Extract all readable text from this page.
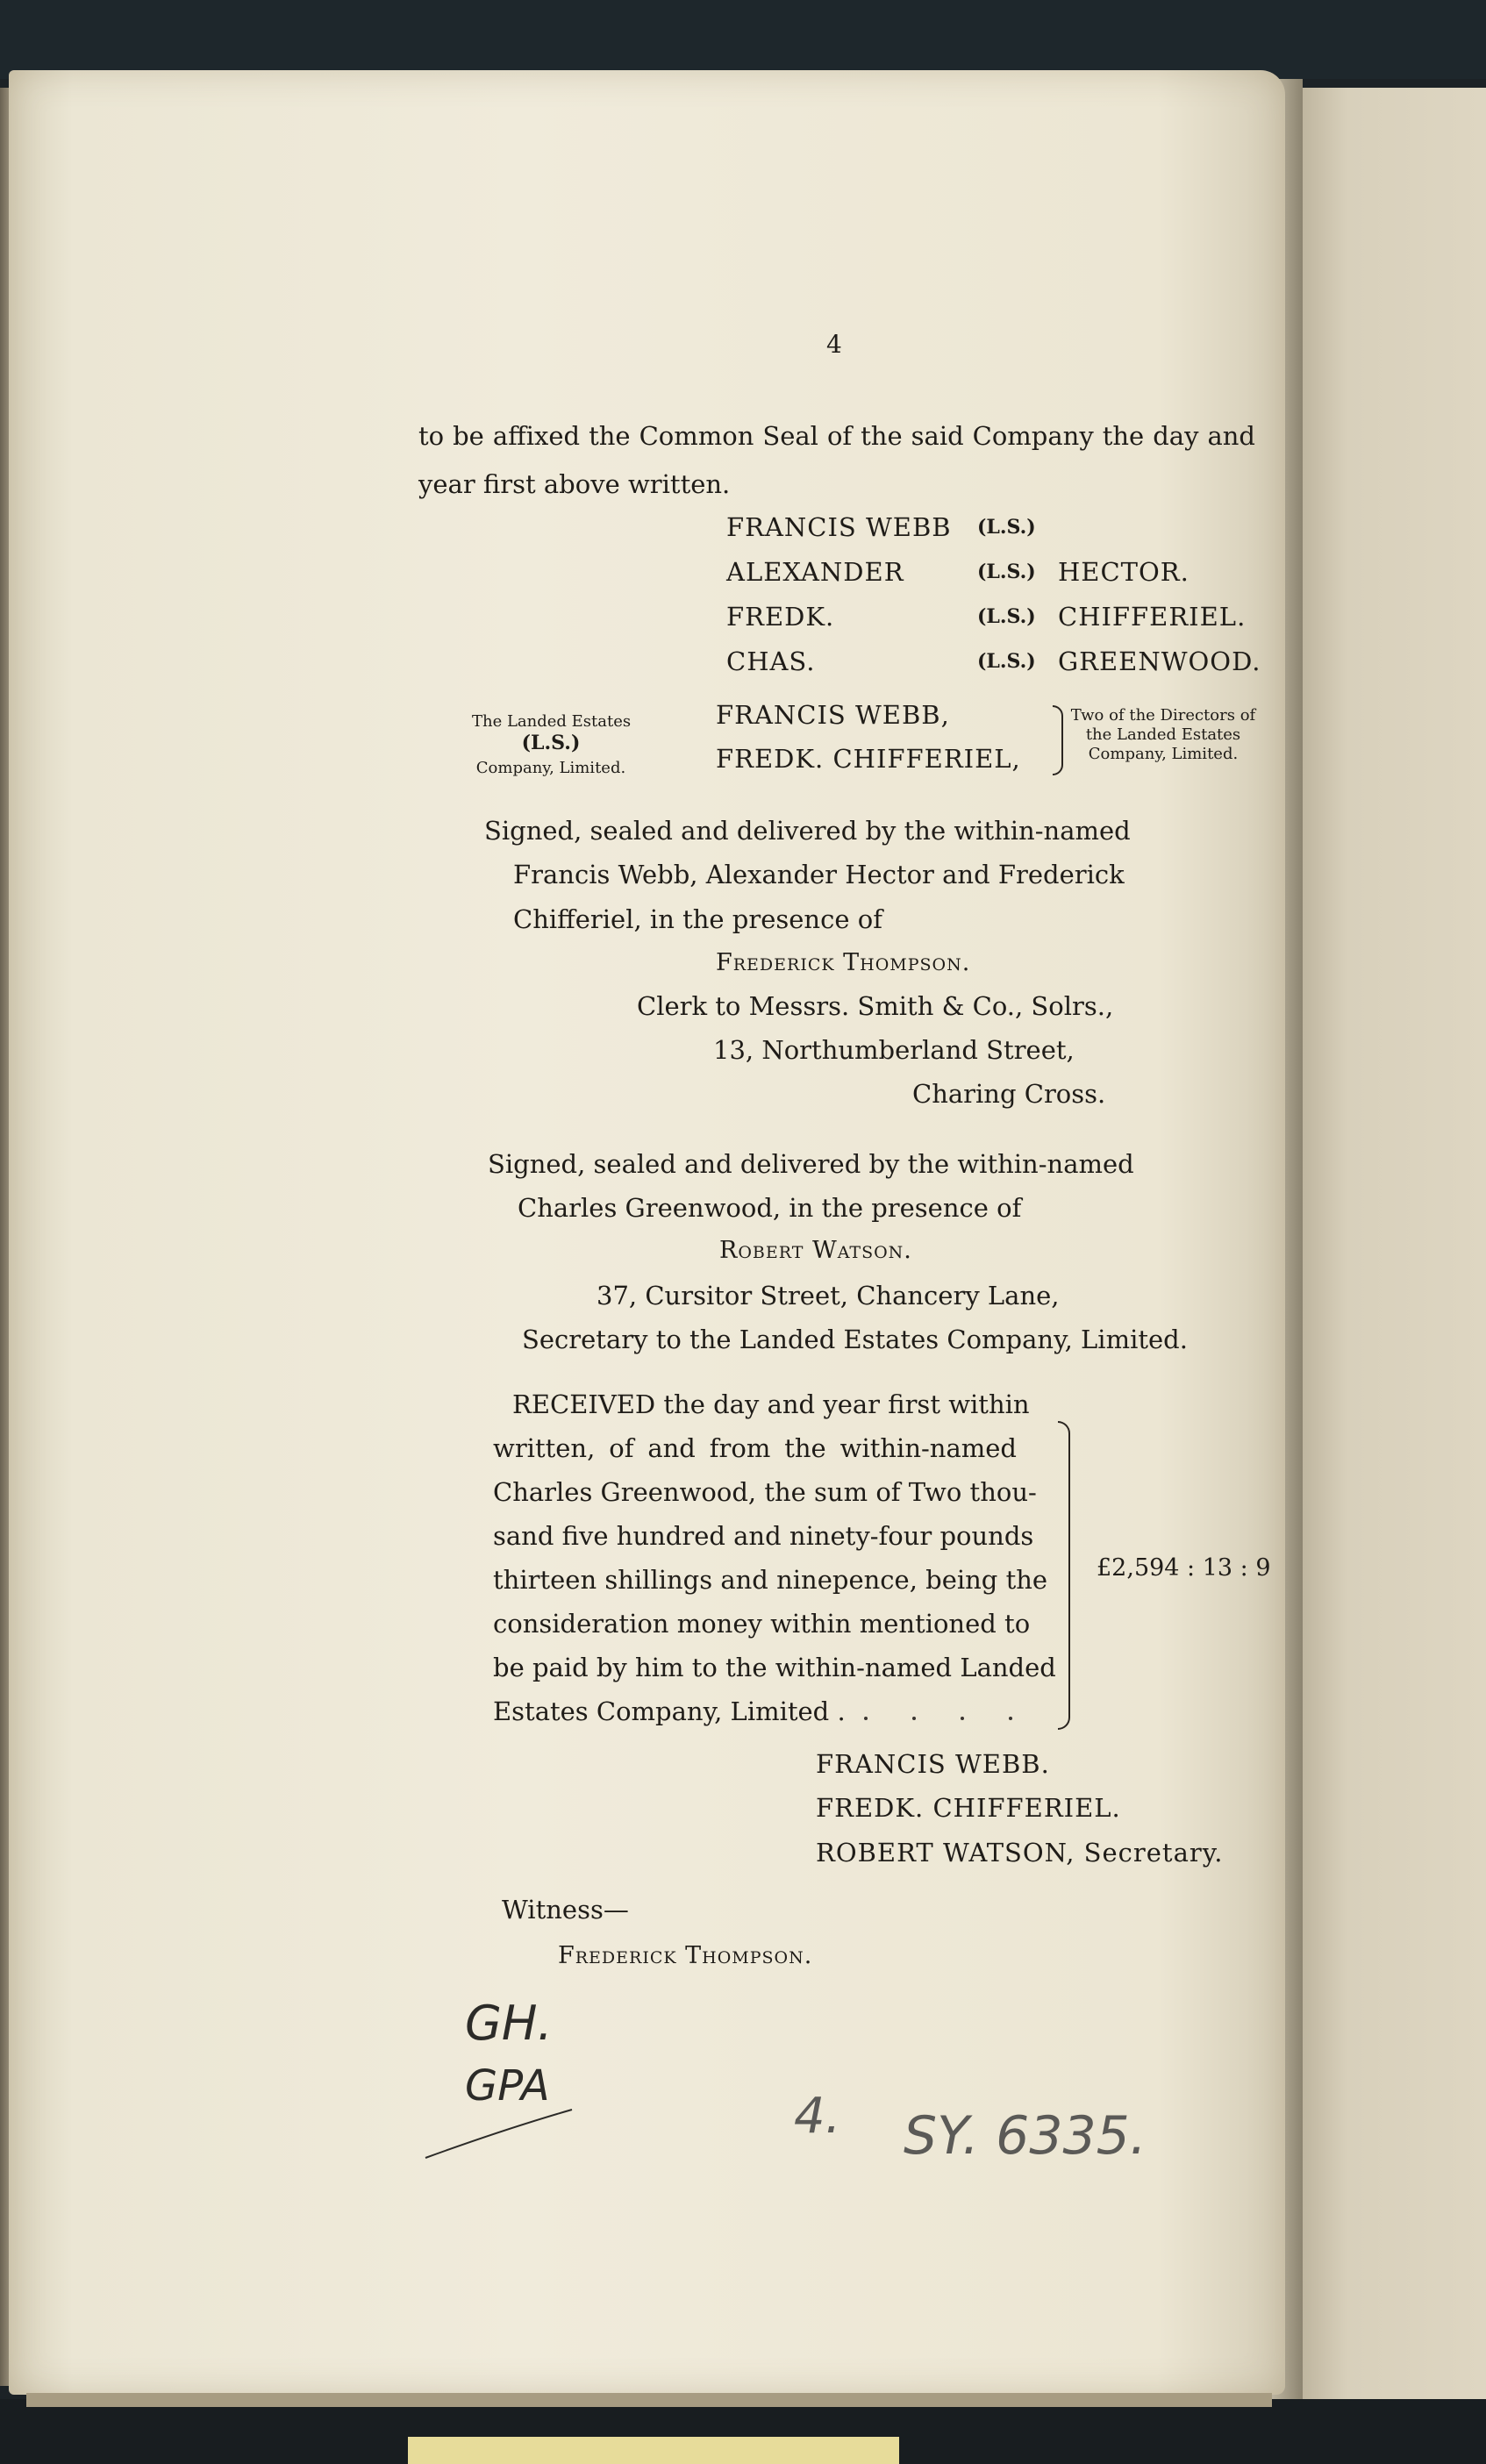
4
to be affixed the Common Seal of the said Company the day and
year first above written.
FRANCIS WEBB (L.S.)
ALEXANDER	(L.S.) HECTOR.
FREDK.	(L.S.) CHIFFERIEL.
CHAS.	(L.S.) GREENWOOD.
The Landed Estates
(L.S.)
Company, Limited.
FRANCIS WEBB,
FREDK. CHIFFERIEL,
Two of the Directors of
the Landed Estates
Company, Limited.
Signed, sealed and delivered by the within-named
Francis Webb, Alexander Hector and Frederick
Chifferiel, in the presence of
Frederick Thompson.
Clerk to Messrs. Smith & Co., Solrs.,
13, Northumberland Street,
Charing Cross.
Signed, sealed and delivered by the within-named
Charles Greenwood, in the presence of
Robert Watson.
37, Cursitor Street, Chancery Lane,
Secretary to the Landed Estates Company, Limited.
RECEIVED the day and year first within
written, of and from the within-named
Charles Greenwood, the sum of Two thou-
sand five hundred and ninety-four pounds
thirteen shillings and ninepence, being the
consideration money within mentioned to
be paid by him to the within-named Landed
Estates Company, Limited .
£2,594 : 13 : 9
FRANCIS WEBB.
FREDK. CHIFFERIEL.
ROBERT WATSON, Secretary.
Witness—
Frederick Thompson.
GH.
GPA
4. SY. 6335.
